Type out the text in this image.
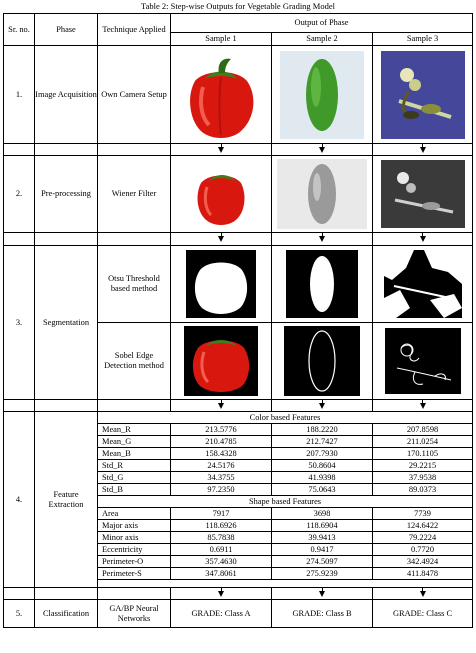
Table 2: Step-wise Outputs for Vegetable Grading Model
Sr. no.	Phase	Technique Applied	Output of Phase		
			Sample 1	Sample 2	Sample 3
1.	Image Acquisition	Own Camera Setup	

2.	Pre-processing	Wiener Filter	

3.	Segmentation	Otsu Threshold based method	

		Sobel Edge Detection method	

4.	Feature Extraction	Color based Features			
		Mean_R	213.5776	188.2220	207.8598
		Mean_G	210.4785	212.7427	211.0254
		Mean_B	158.4328	207.7930	170.1105
		Std_R	24.5176	50.8604	29.2215
		Std_G	34.3755	41.9398	37.9538
		Std_B	97.2350	75.0643	89.0373
		Shape based Features			
		Area	7917	3698	7739
		Major axis	118.6926	118.6904	124.6422
		Minor axis	85.7838	39.9413	79.2224
		Eccentricity	0.6911	0.9417	0.7720
		Perimeter-O	357.4630	274.5097	342.4924
		Perimeter-S	347.8061	275.9239	411.8478

5.	Classification	GA/BP Neural Networks	GRADE: Class A	GRADE: Class B	GRADE: Class C
